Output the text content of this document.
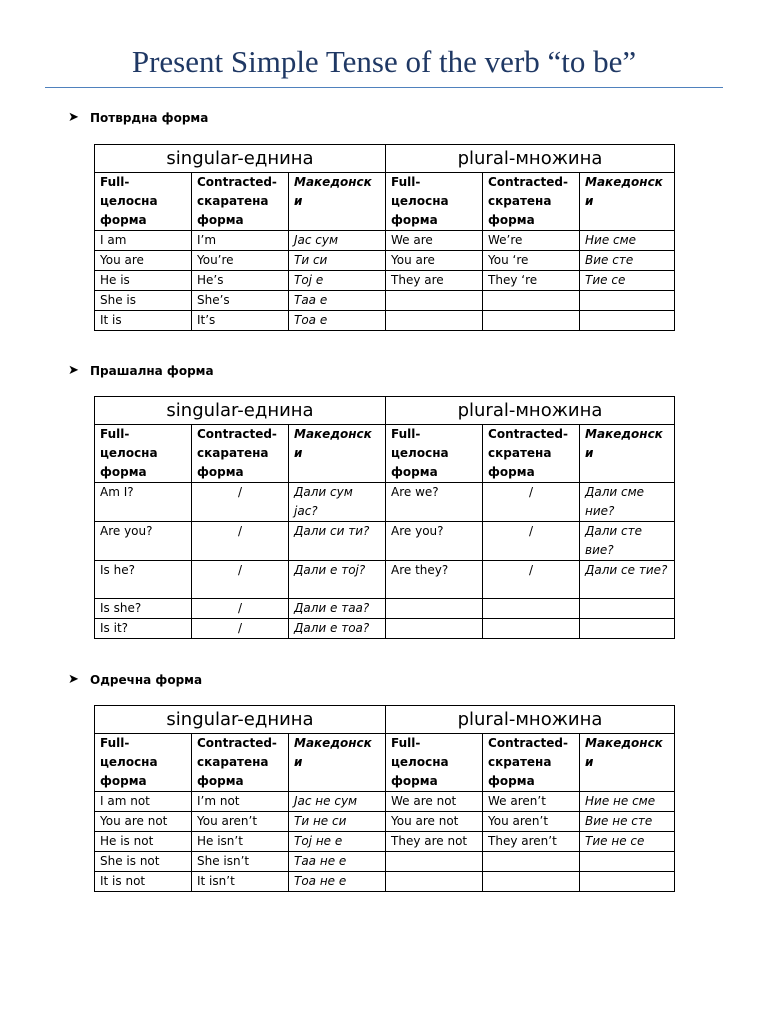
Present Simple Tense of the verb “to be”
➤ Потврдна форма
singular-еднина			plural-множина		
Full-целосна форма	Contracted-скаратена форма	Македонски	Full-целосна форма	Contracted-скратена форма	Македонски
I am	I’m	Јас сум	We are	We’re	Ние сме
You are	You’re	Ти си	You are	You ‘re	Вие сте
He is	He’s	Тој е	They are	They ‘re	Тие се
She is	She’s	Таа е			
It is	It’s	Тоа е			
➤ Прашална форма
singular-еднина			plural-множина		
Full-целосна форма	Contracted-скаратена форма	Македонски	Full-целосна форма	Contracted-скратена форма	Македонски
Am I?	/	Дали сум јас?	Are we?	/	Дали сме ние?
Are you?	/	Дали си ти?	Are you?	/	Дали сте вие?
Is he?	/	Дали е тој?	Are they?	/	Дали се тие?
Is she?	/	Дали е таа?			
Is it?	/	Дали е тоа?			
➤ Одречна форма
singular-еднина			plural-множина		
Full-целосна форма	Contracted-скаратена форма	Македонски	Full-целосна форма	Contracted-скратена форма	Македонски
I am not	I’m not	Јас не сум	We are not	We aren’t	Ние не сме
You are not	You aren’t	Ти не си	You are not	You aren’t	Вие не сте
He is not	He isn’t	Тој не е	They are not	They aren’t	Тие не се
She is not	She isn’t	Таа не е			
It is not	It isn’t	Тоа не е			
